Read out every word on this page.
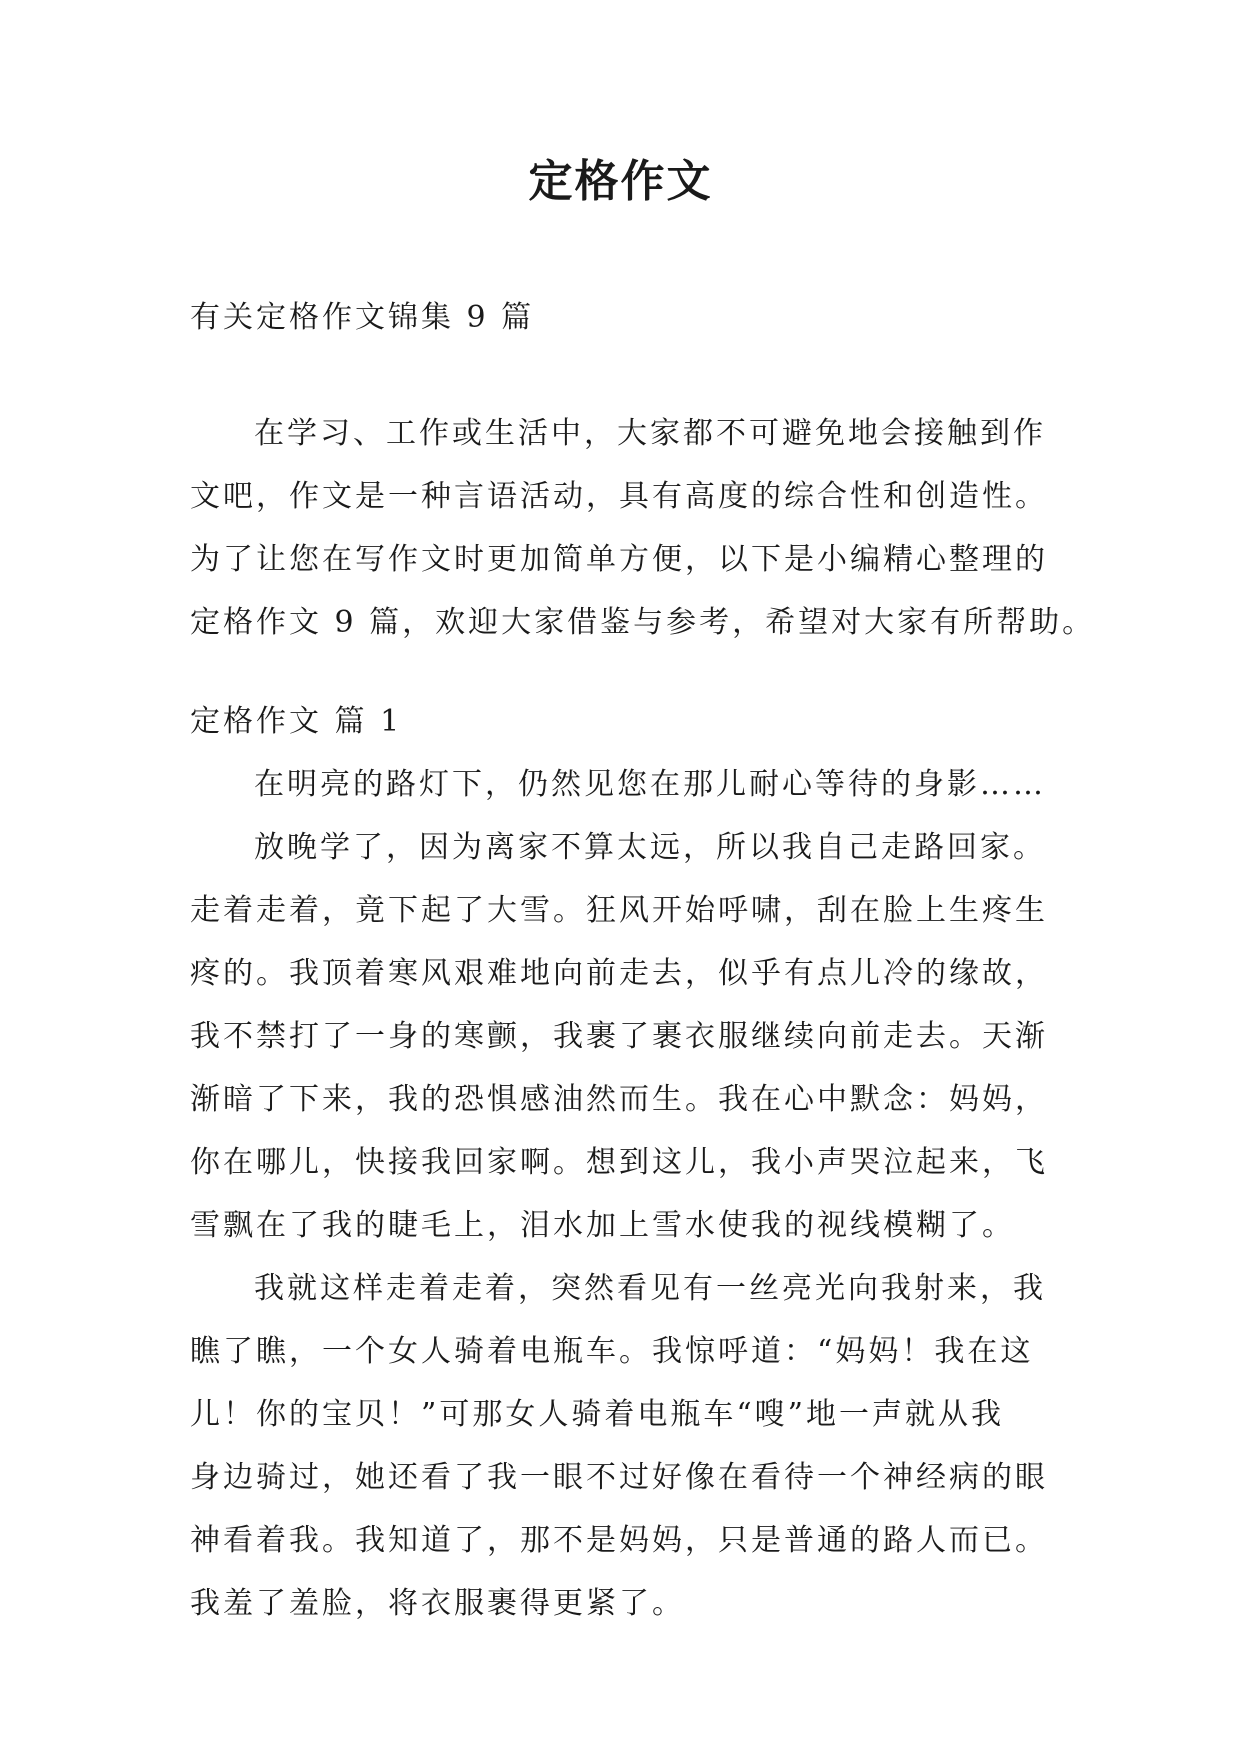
定格作文
有关定格作文锦集 9 篇
在学习、工作或生活中，大家都不可避免地会接触到作
文吧，作文是一种言语活动，具有高度的综合性和创造性。
为了让您在写作文时更加简单方便，以下是小编精心整理的
定格作文 9 篇，欢迎大家借鉴与参考，希望对大家有所帮助。
定格作文 篇 1
在明亮的路灯下，仍然见您在那儿耐心等待的身影……
放晚学了，因为离家不算太远，所以我自己走路回家。
走着走着，竟下起了大雪。狂风开始呼啸，刮在脸上生疼生
疼的。我顶着寒风艰难地向前走去，似乎有点儿冷的缘故，
我不禁打了一身的寒颤，我裹了裹衣服继续向前走去。天渐
渐暗了下来，我的恐惧感油然而生。我在心中默念：妈妈，
你在哪儿，快接我回家啊。想到这儿，我小声哭泣起来，飞
雪飘在了我的睫毛上，泪水加上雪水使我的视线模糊了。
我就这样走着走着，突然看见有一丝亮光向我射来，我
瞧了瞧，一个女人骑着电瓶车。我惊呼道：“妈妈！我在这
儿！你的宝贝！”可那女人骑着电瓶车“嗖”地一声就从我
身边骑过，她还看了我一眼不过好像在看待一个神经病的眼
神看着我。我知道了，那不是妈妈，只是普通的路人而已。
我羞了羞脸，将衣服裹得更紧了。
